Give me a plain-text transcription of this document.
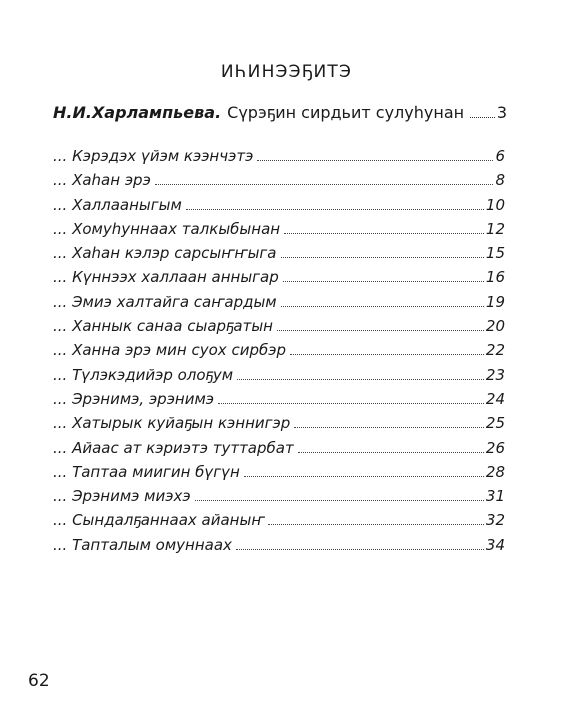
ИҺИНЭЭҔИТЭ
Н.И.Харлампьева. Сүрэҕин сирдьит сулуһунан 3
... Кэрэдэх үйэм кээнчэтэ	6
... Хаһан эрэ	8
... Халлааныгым	10
... Хомуһуннаах талкыбынан	12
... Хаһан кэлэр сарсыҥҥыга	15
... Күннээх халлаан анныгар	16
... Эмиэ халтайга саҥардым	19
... Ханнык санаа сыарҕатын	20
... Ханна эрэ мин суох сирбэр	22
... Түлэкэдийэр олоҕум	23
... Эрэнимэ, эрэнимэ	24
... Хатырык куйаҕын кэннигэр	25
... Айаас ат кэриэтэ туттарбат	26
... Таптаа миигин бүгүн	28
... Эрэнимэ миэхэ	31
... Сындалҕаннаах айаныҥ	32
... Тапталым омуннаах	34
62
